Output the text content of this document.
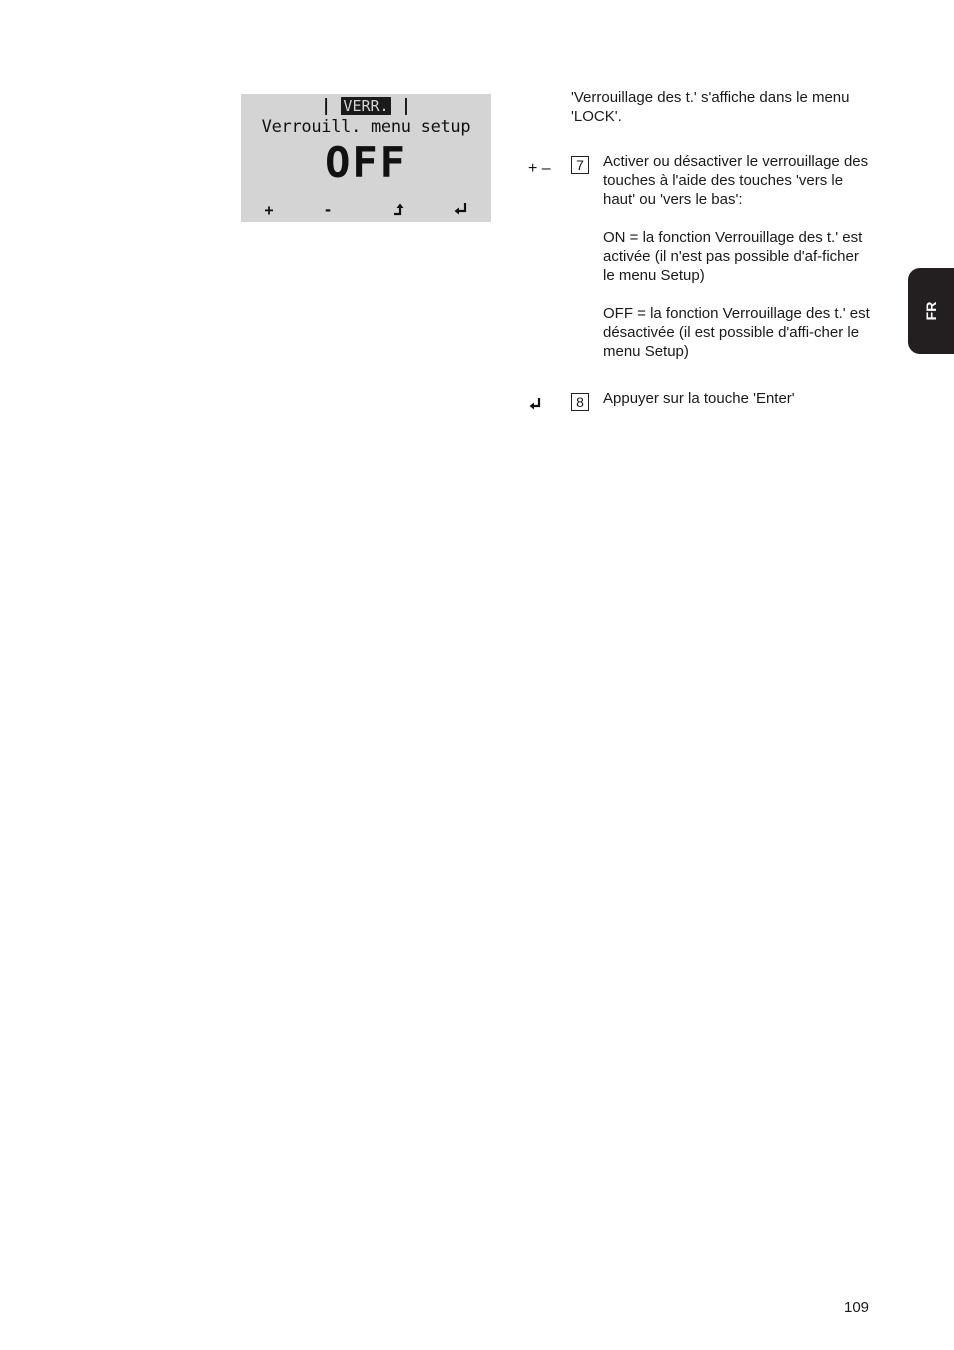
| VERR. |
Verrouill. menu setup
OFF
+	-

'Verrouillage des t.' s'affiche dans le menu 'LOCK'.

+ –	7	Activer ou désactiver le verrouillage des touches à l'aide des touches 'vers le haut' ou 'vers le bas':

ON = la fonction Verrouillage des t.' est activée (il n'est pas possible d'af-ficher le menu Setup)

OFF = la fonction Verrouillage des t.' est désactivée (il est possible d'affi-cher le menu Setup)

8	Appuyer sur la touche 'Enter'

FR
109
